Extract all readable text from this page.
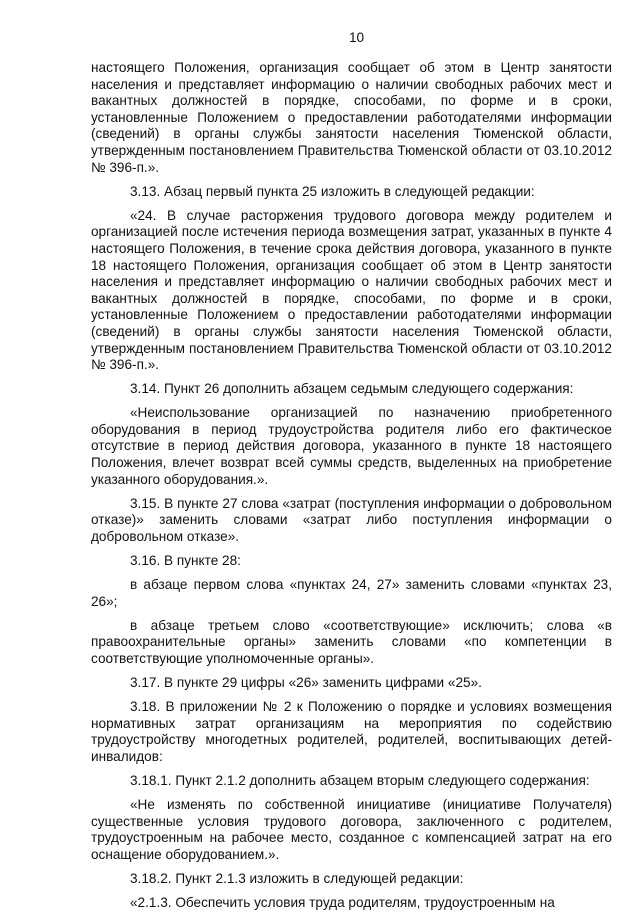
10

настоящего Положения, организация сообщает об этом в Центр занятости населения и представляет информацию о наличии свободных рабочих мест и вакантных должностей в порядке, способами, по форме и в сроки, установленные Положением о предоставлении работодателями информации (сведений) в органы службы занятости населения Тюменской области, утвержденным постановлением Правительства Тюменской области от 03.10.2012 № 396-п.».

3.13. Абзац первый пункта 25 изложить в следующей редакции:

«24. В случае расторжения трудового договора между родителем и организацией после истечения периода возмещения затрат, указанных в пункте 4 настоящего Положения, в течение срока действия договора, указанного в пункте 18 настоящего Положения, организация сообщает об этом в Центр занятости населения и представляет информацию о наличии свободных рабочих мест и вакантных должностей в порядке, способами, по форме и в сроки, установленные Положением о предоставлении работодателями информации (сведений) в органы службы занятости населения Тюменской области, утвержденным постановлением Правительства Тюменской области от 03.10.2012 № 396-п.».

3.14. Пункт 26 дополнить абзацем седьмым следующего содержания:

«Неиспользование организацией по назначению приобретенного оборудования в период трудоустройства родителя либо его фактическое отсутствие в период действия договора, указанного в пункте 18 настоящего Положения, влечет возврат всей суммы средств, выделенных на приобретение указанного оборудования.».

3.15. В пункте 27 слова «затрат (поступления информации о добровольном отказе)» заменить словами «затрат либо поступления информации о добровольном отказе».

3.16. В пункте 28:

в абзаце первом слова «пунктах 24, 27» заменить словами «пунктах 23, 26»;

в абзаце третьем слово «соответствующие» исключить; слова «в правоохранительные органы» заменить словами «по компетенции в соответствующие уполномоченные органы».

3.17. В пункте 29 цифры «26» заменить цифрами «25».

3.18. В приложении № 2 к Положению о порядке и условиях возмещения нормативных затрат организациям на мероприятия по содействию трудоустройству многодетных родителей, родителей, воспитывающих детей-инвалидов:

3.18.1. Пункт 2.1.2 дополнить абзацем вторым следующего содержания:

«Не изменять по собственной инициативе (инициативе Получателя) существенные условия трудового договора, заключенного с родителем, трудоустроенным на рабочее место, созданное с компенсацией затрат на его оснащение оборудованием.».

3.18.2. Пункт 2.1.3 изложить в следующей редакции:

«2.1.3. Обеспечить условия труда родителям, трудоустроенным на
